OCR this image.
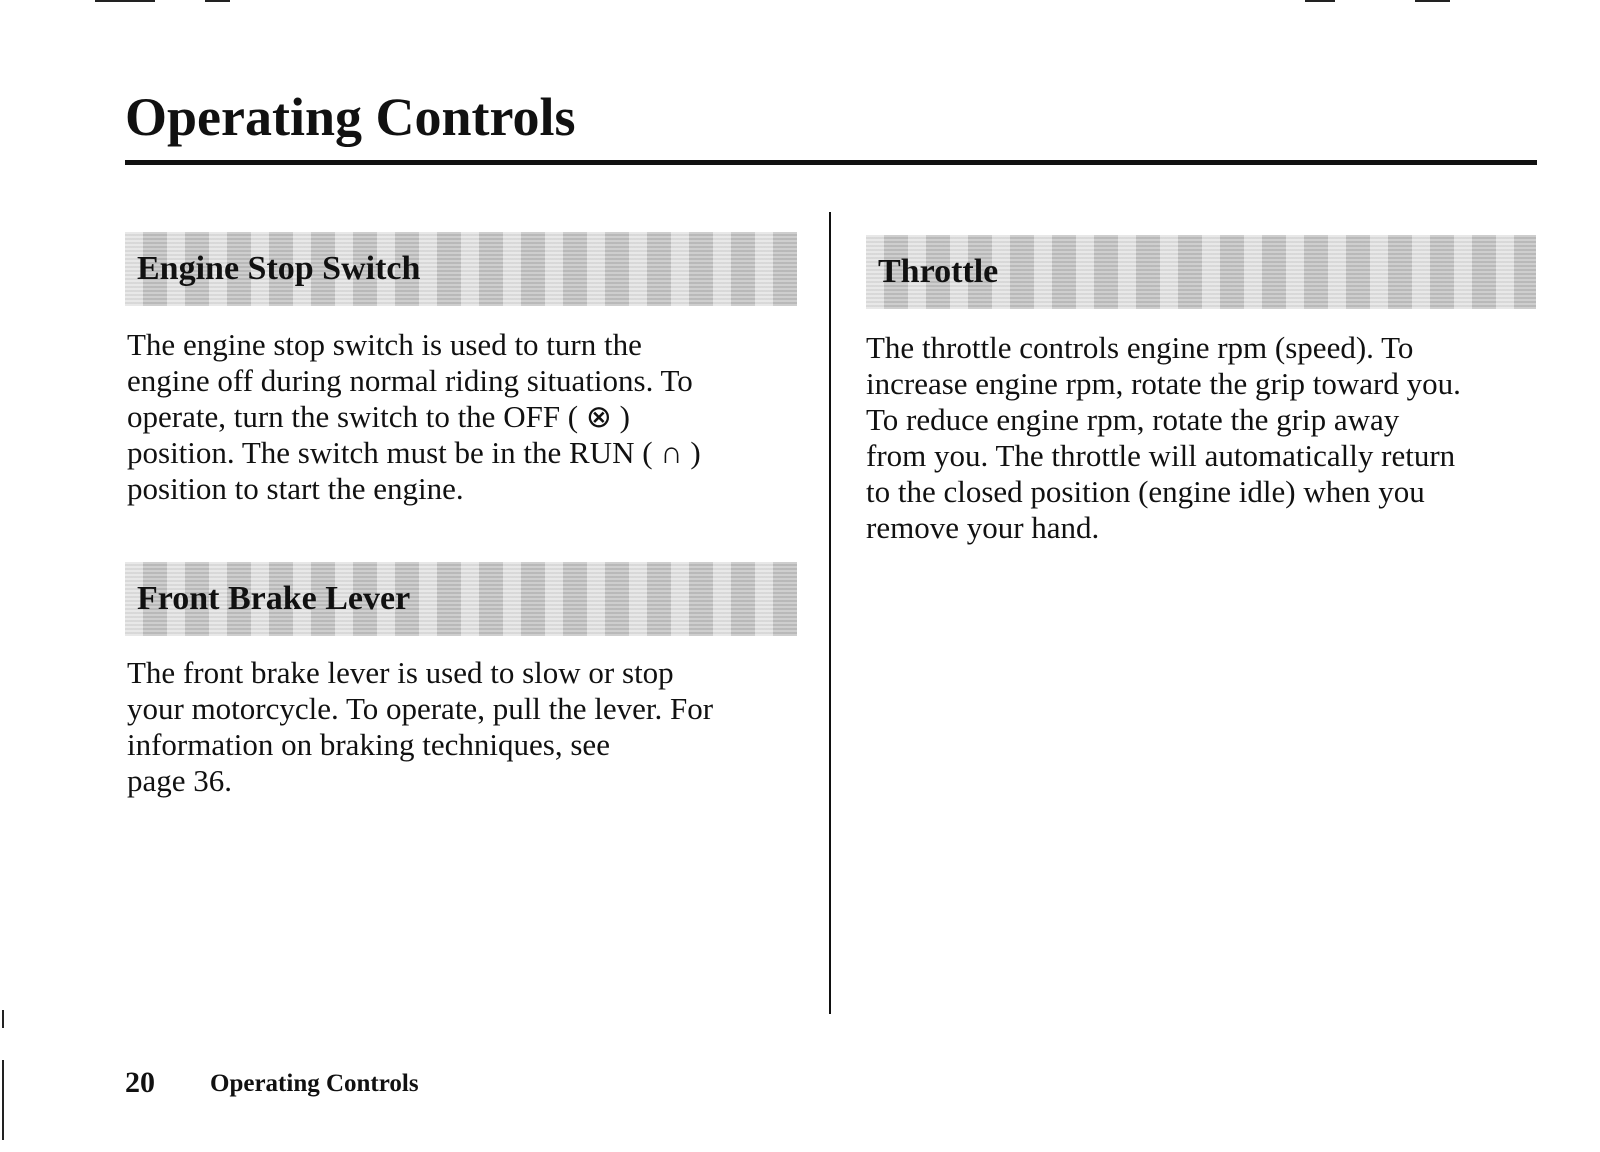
Operating Controls
Engine Stop Switch
The engine stop switch is used to turn the
engine off during normal riding situations. To
operate, turn the switch to the OFF ( ⊗ )
position. The switch must be in the RUN ( ∩ )
position to start the engine.
Front Brake Lever
The front brake lever is used to slow or stop
your motorcycle. To operate, pull the lever. For
information on braking techniques, see
page 36.
Throttle
The throttle controls engine rpm (speed). To
increase engine rpm, rotate the grip toward you.
To reduce engine rpm, rotate the grip away
from you. The throttle will automatically return
to the closed position (engine idle) when you
remove your hand.
20 Operating Controls
